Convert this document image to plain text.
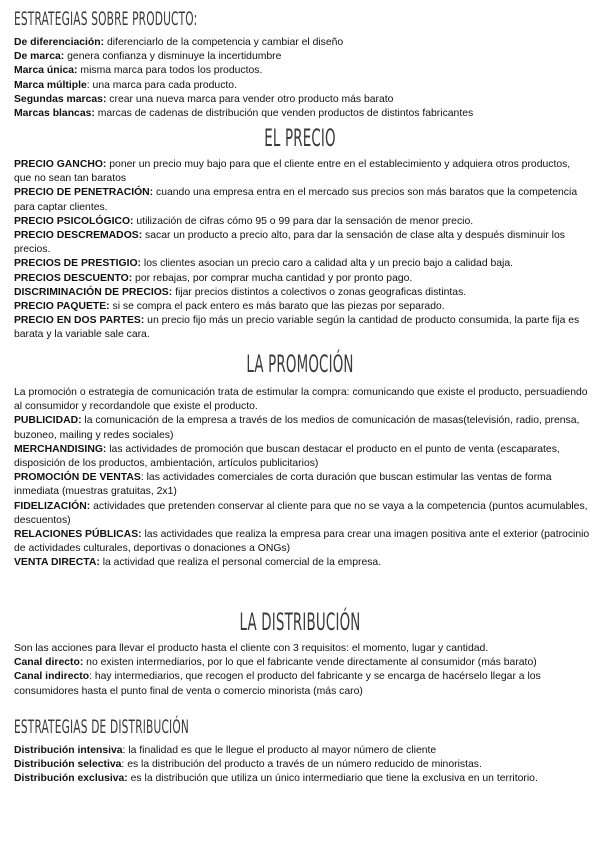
ESTRATEGIAS SOBRE PRODUCTO:

De diferenciación: diferenciarlo de la competencia y cambiar el diseño

De marca: genera confianza y disminuye la incertidumbre

Marca única: misma marca para todos los productos.

Marca múltiple: una marca para cada producto.

Segundas marcas: crear una nueva marca para vender otro producto más barato

Marcas blancas: marcas de cadenas de distribución que venden productos de distintos fabricantes

EL PRECIO

PRECIO GANCHO: poner un precio muy bajo para que el cliente entre en el establecimiento y adquiera otros productos, que no sean tan baratos

PRECIO DE PENETRACIÓN: cuando una empresa entra en el mercado sus precios son más baratos que la competencia para captar clientes.

PRECIO PSICOLÓGICO: utilización de cifras cómo 95 o 99 para dar la sensación de menor precio.

PRECIO DESCREMADOS: sacar un producto a precio alto, para dar la sensación de clase alta y después disminuir los precios.

PRECIOS DE PRESTIGIO: los clientes asocian un precio caro a calidad alta y un precio bajo a calidad baja.

PRECIOS DESCUENTO: por rebajas, por comprar mucha cantidad y por pronto pago.

DISCRIMINACIÓN DE PRECIOS: fijar precios distintos a colectivos o zonas geograficas distintas.

PRECIO PAQUETE: si se compra el pack entero es más barato que las piezas por separado.

PRECIO EN DOS PARTES: un precio fijo más un precio variable según la cantidad de producto consumida, la parte fija es barata y la variable sale cara.

LA PROMOCIÓN

La promoción o estrategia de comunicación trata de estimular la compra: comunicando que existe el producto, persuadiendo al consumidor y recordandole que existe el producto.

PUBLICIDAD: la comunicación de la empresa a través de los medios de comunicación de masas(televisión, radio, prensa, buzoneo, mailing y redes sociales)

MERCHANDISING: las actividades de promoción que buscan destacar el producto en el punto de venta (escaparates, disposición de los productos, ambientación, artículos publicitarios)

PROMOCIÓN DE VENTAS: las actividades comerciales de corta duración que buscan estimular las ventas de forma inmediata (muestras gratuitas, 2x1)

FIDELIZACIÓN: actividades que pretenden conservar al cliente para que no se vaya a la competencia (puntos acumulables, descuentos)

RELACIONES PÚBLICAS: las actividades que realiza la empresa para crear una imagen positiva ante el exterior (patrocinio de actividades culturales, deportivas o donaciones a ONGs)

VENTA DIRECTA: la actividad que realiza el personal comercial de la empresa.

LA DISTRIBUCIÓN

Son las acciones para llevar el producto hasta el cliente con 3 requisitos: el momento, lugar y cantidad.

Canal directo: no existen intermediarios, por lo que el fabricante vende directamente al consumidor (más barato)

Canal indirecto: hay intermediarios, que recogen el producto del fabricante y se encarga de hacérselo llegar a los consumidores hasta el punto final de venta o comercio minorista (más caro)

ESTRATEGIAS DE DISTRIBUCIÓN

Distribución intensiva: la finalidad es que le llegue el producto al mayor número de cliente

Distribución selectiva: es la distribución del producto a través de un número reducido de minoristas.

Distribución exclusiva: es la distribución que utiliza un único intermediario que tiene la exclusiva en un territorio.
